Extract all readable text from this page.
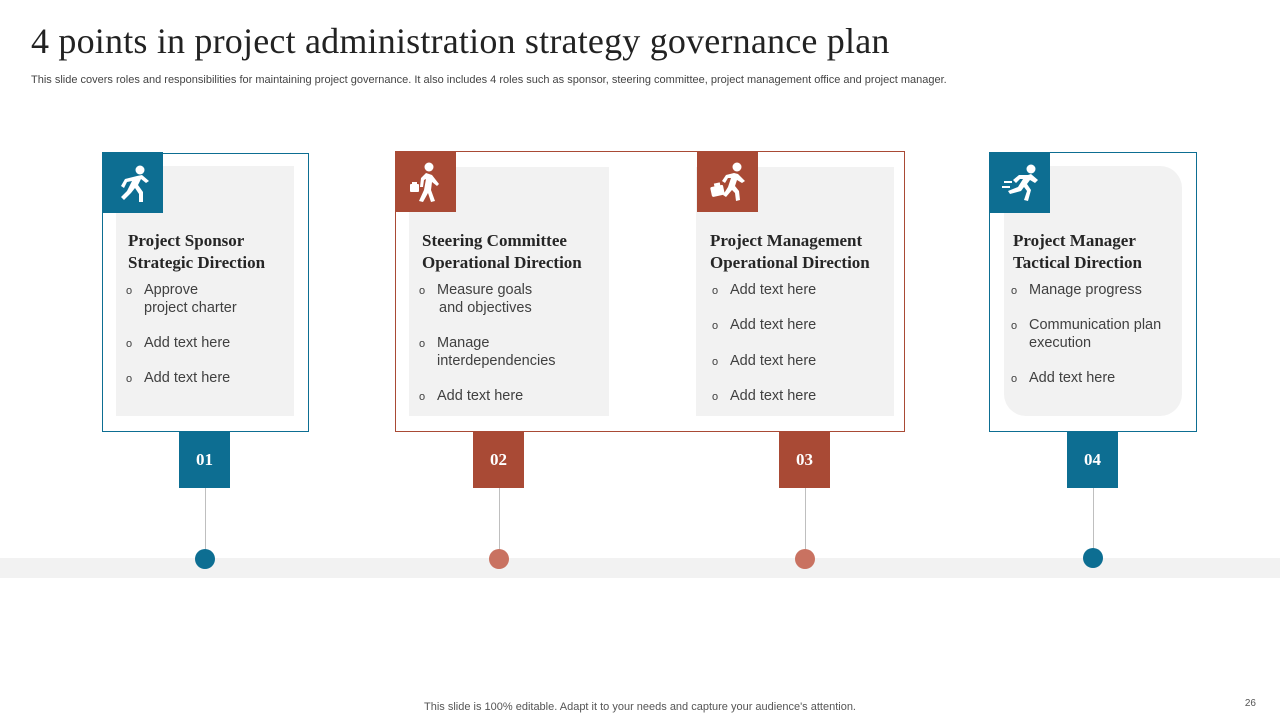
4 points in project administration strategy governance plan
This slide covers roles and responsibilities for maintaining project governance. It also includes 4 roles such as sponsor, steering committee, project management office and project manager.
Project Sponsor
Strategic Direction
o Approve
project charter
o Add text here
o Add text here
Steering Committee
Operational Direction
o Measure goals
and objectives
o Manage
interdependencies
o Add text here
Project Management
Operational Direction
o Add text here
o Add text here
o Add text here
o Add text here
Project Manager
Tactical Direction
o Manage progress
o Communication plan
execution
o Add text here
01	02	03	04
This slide is 100% editable. Adapt it to your needs and capture your audience's attention.	26
